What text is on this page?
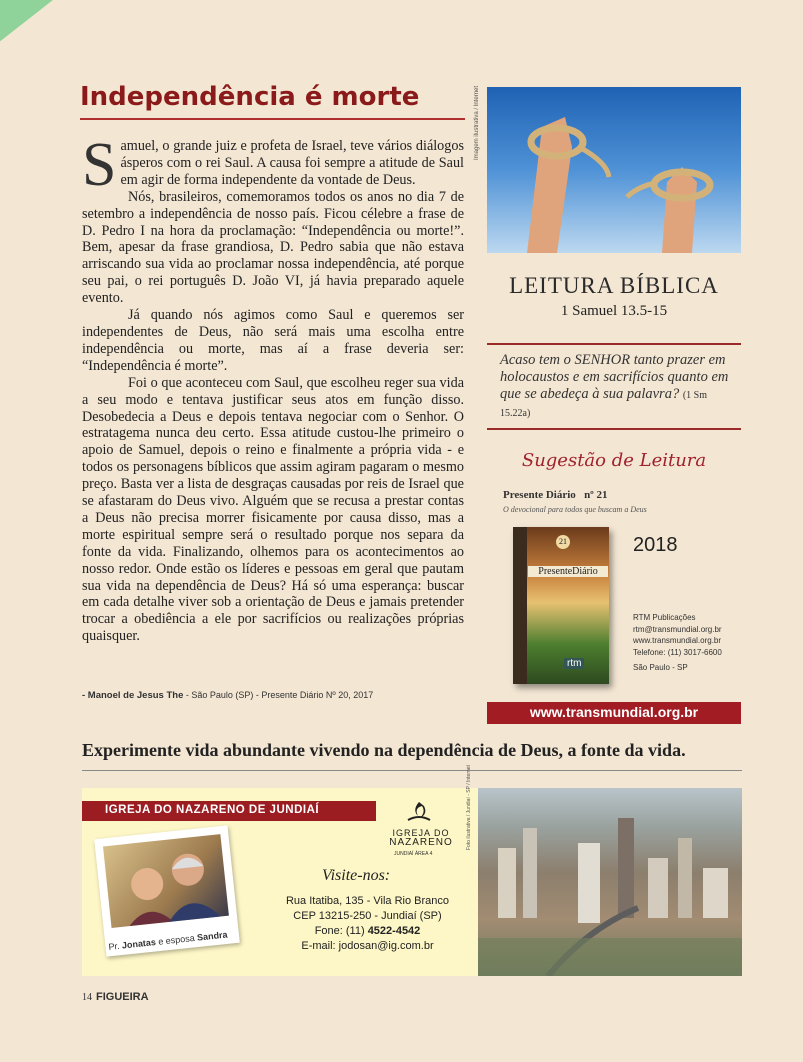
Independência é morte

Samuel, o grande juiz e profeta de Israel, teve vários diálogos ásperos com o rei Saul. A causa foi sempre a atitude de Saul em agir de forma independente da vontade de Deus.

Nós, brasileiros, comemoramos todos os anos no dia 7 de setembro a independência de nosso país. Ficou célebre a frase de D. Pedro I na hora da proclamação: “Independência ou morte!”. Bem, apesar da frase grandiosa, D. Pedro sabia que não estava arriscando sua vida ao proclamar nossa independência, até porque seu pai, o rei português D. João VI, já havia preparado aquele evento.

Já quando nós agimos como Saul e queremos ser independentes de Deus, não será mais uma escolha entre independência ou morte, mas aí a frase deveria ser: “Independência é morte”.

Foi o que aconteceu com Saul, que escolheu reger sua vida a seu modo e tentava justificar seus atos em função disso. Desobedecia a Deus e depois tentava negociar com o Senhor. O estratagema nunca deu certo. Essa atitude custou-lhe primeiro o apoio de Samuel, depois o reino e finalmente a própria vida - e todos os personagens bíblicos que assim agiram pagaram o mesmo preço. Basta ver a lista de desgraças causadas por reis de Israel que se afastaram do Deus vivo. Alguém que se recusa a prestar contas a Deus não precisa morrer fisicamente por causa disso, mas a morte espiritual sempre será o resultado porque nos separa da fonte da vida. Finalizando, olhemos para os acontecimentos ao nosso redor. Onde estão os líderes e pessoas em geral que pautam sua vida na dependência de Deus? Há só uma esperança: buscar em cada detalhe viver sob a orientação de Deus e jamais pretender trocar a obediência a ele por sacrifícios ou realizações próprias quaisquer.

- Manoel de Jesus The - São Paulo (SP) - Presente Diário Nº 20, 2017
Imagem ilustrativa / Internet
LEITURA BÍBLICA
1 Samuel 13.5-15
Acaso tem o SENHOR tanto prazer em holocaustos e em sacrifícios quanto em que se abedeça à sua palavra? (1 Sm 15.22a)
Sugestão de Leitura
Presente Diário nº 21
O devocional para todos que buscam a Deus
21
PresenteDiário
rtm
2018
RTM Publicações
rtm@transmundial.org.br
www.transmundial.org.br
Telefone: (11) 3017-6600
São Paulo - SP
www.transmundial.org.br
Experimente vida abundante vivendo na dependência de Deus, a fonte da vida.
IGREJA DO NAZARENO DE JUNDIAÍ
Pr. Jonatas e esposa Sandra
IGREJA DO
NAZARENO
JUNDIAÍ ÁREA 4
Visite-nos:
Rua Itatiba, 135 - Vila Rio Branco
CEP 13215-250 - Jundiaí (SP)
Fone: (11) 4522-4542
E-mail: jodosan@ig.com.br
Foto ilustrativa / Jundiaí - SP / Internet
14 FIGUEIRA
